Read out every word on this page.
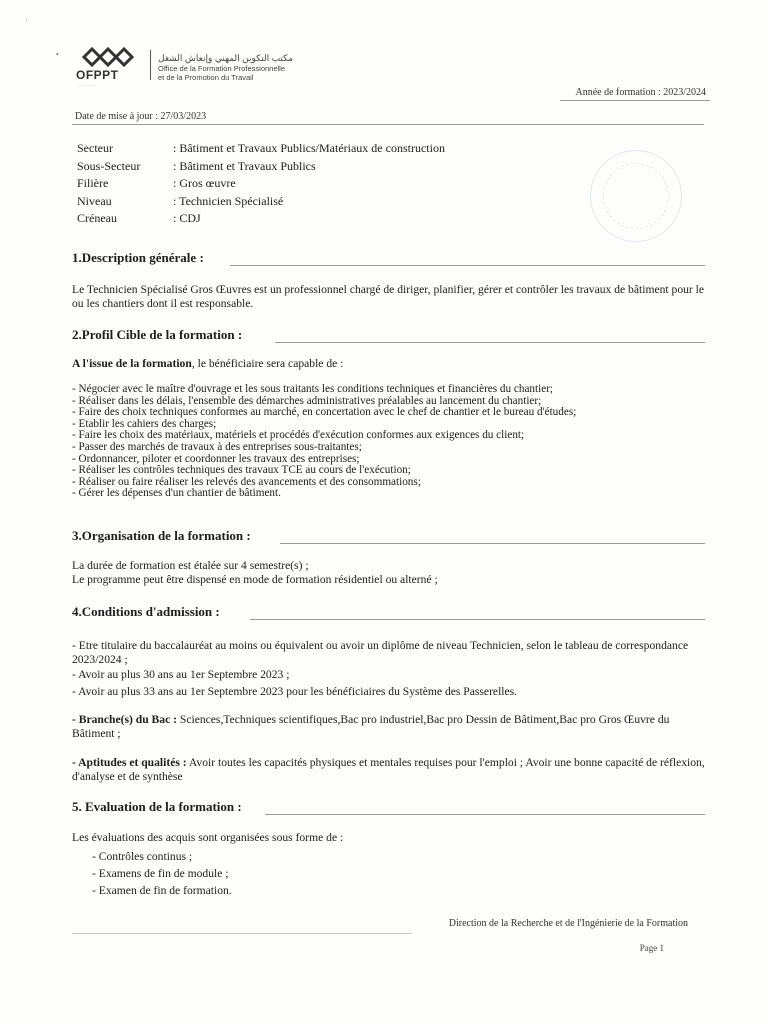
'
•
OFPPT
·············
مكتب التكوين المهني وإنعاش الشغل
Office de la Formation Professionnelle
et de la Promotion du Travail
Année de formation : 2023/2024
Date de mise à jour : 27/03/2023
Secteur	: Bâtiment et Travaux Publics/Matériaux de construction
Sous-Secteur	: Bâtiment et Travaux Publics
Filière	: Gros œuvre
Niveau	: Technicien Spécialisé
Créneau	: CDJ
1.Description générale :
Le Technicien Spécialisé Gros Œuvres est un professionnel chargé de diriger, planifier, gérer et contrôler les travaux de bâtiment pour le ou les chantiers dont il est responsable.
2.Profil Cible de la formation :
A l'issue de la formation, le bénéficiaire sera capable de :
- Négocier avec le maître d'ouvrage et les sous traitants les conditions techniques et financières du chantier;
- Réaliser dans les délais, l'ensemble des démarches administratives préalables au lancement du chantier;
- Faire des choix techniques conformes au marché, en concertation avec le chef de chantier et le bureau d'études;
- Etablir les cahiers des charges;
- Faire les choix des matériaux, matériels et procédés d'exécution conformes aux exigences du client;
- Passer des marchés de travaux à des entreprises sous-traitantes;
- Ordonnancer, piloter et coordonner les travaux des entreprises;
- Réaliser les contrôles techniques des travaux TCE au cours de l'exécution;
- Réaliser ou faire réaliser les relevés des avancements et des consommations;
- Gérer les dépenses d'un chantier de bâtiment.
3.Organisation de la formation :
La durée de formation est étalée sur 4 semestre(s) ;
Le programme peut être dispensé en mode de formation résidentiel ou alterné ;
4.Conditions d'admission :
- Etre titulaire du baccalauréat au moins ou équivalent ou avoir un diplôme de niveau Technicien, selon le tableau de correspondance 2023/2024 ;
- Avoir au plus 30 ans au 1er Septembre 2023 ;
- Avoir au plus 33 ans au 1er Septembre 2023 pour les bénéficiaires du Système des Passerelles.
- Branche(s) du Bac : Sciences,Techniques scientifiques,Bac pro industriel,Bac pro Dessin de Bâtiment,Bac pro Gros Œuvre du Bâtiment ;
- Aptitudes et qualités : Avoir toutes les capacités physiques et mentales requises pour l'emploi ; Avoir une bonne capacité de réflexion, d'analyse et de synthèse
5. Evaluation de la formation :
Les évaluations des acquis sont organisées sous forme de :
- Contrôles continus ;
- Examens de fin de module ;
- Examen de fin de formation.
Direction de la Recherche et de l'Ingénierie de la Formation
Page 1
